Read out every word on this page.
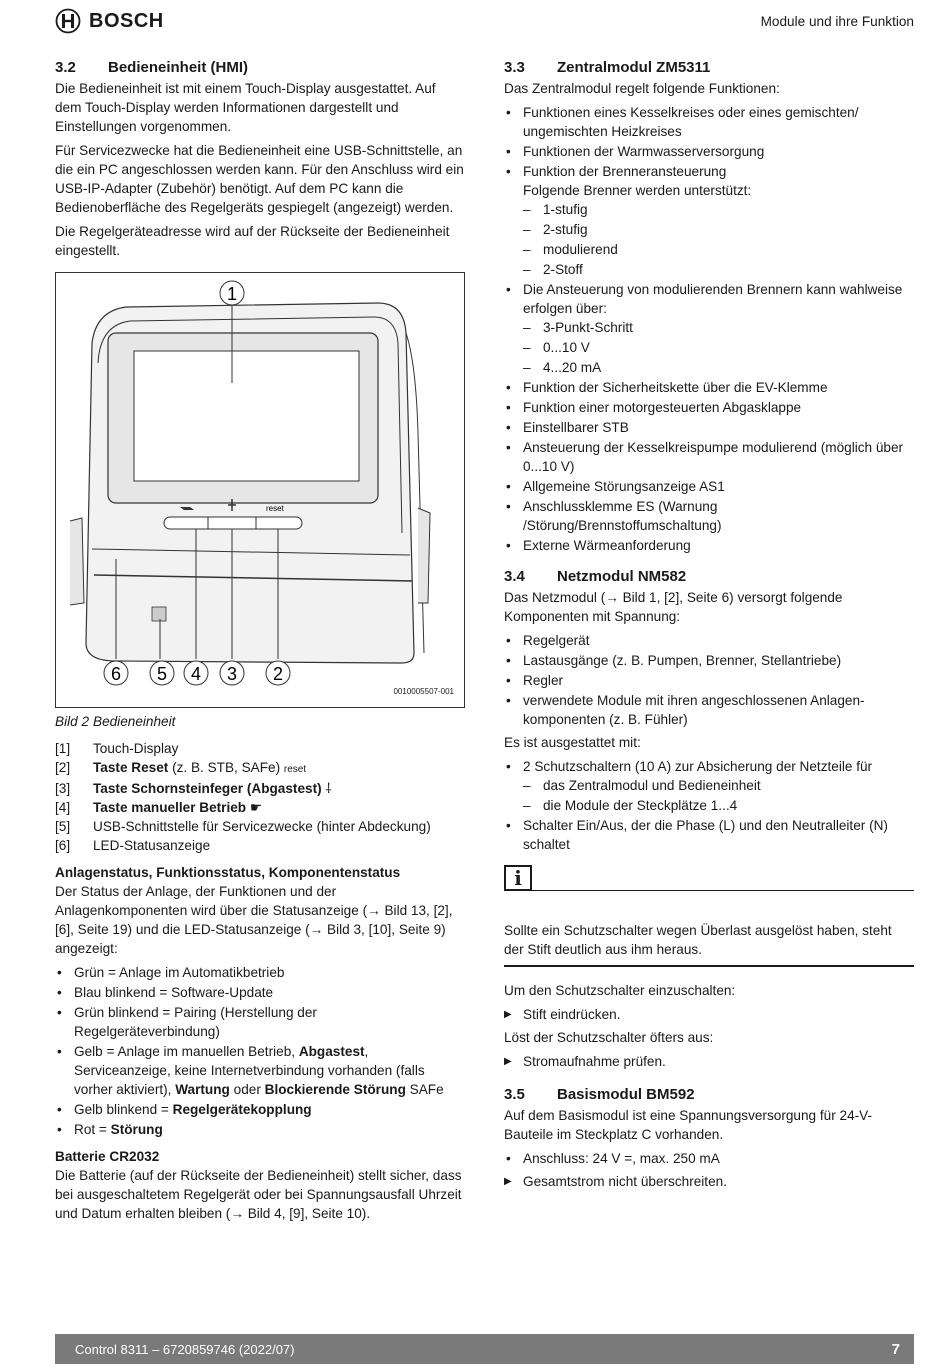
BOSCH	Module und ihre Funktion
3.2	Bedieneinheit (HMI)

Die Bedieneinheit ist mit einem Touch-Display ausgestattet. Auf dem Touch-Display werden Informationen dargestellt und Einstellungen vorgenommen.

Für Servicezwecke hat die Bedieneinheit eine USB-Schnittstelle, an die ein PC angeschlossen werden kann. Für den Anschluss wird ein USB-IP-Adapter (Zubehör) benötigt. Auf dem PC kann die Bedienoberfläche des Regelgeräts gespiegelt (angezeigt) werden.

Die Regelgeräteadresse wird auf der Rückseite der Bedieneinheit eingestellt.

reset
1
6 5 4 3 2
0010005507-001
Bild 2 Bedieneinheit
[1]	Touch-Display
[2]	Taste Reset (z. B. STB, SAFe) reset
[3]	Taste Schornsteinfeger (Abgastest) ⸸
[4]	Taste manueller Betrieb ☛
[5]	USB-Schnittstelle für Servicezwecke (hinter Abdeckung)
[6]	LED-Statusanzeige
Anlagenstatus, Funktionsstatus, Komponentenstatus

Der Status der Anlage, der Funktionen und der Anlagenkomponenten wird über die Statusanzeige (→ Bild 13, [2], [6], Seite 19) und die LED-Statusanzeige (→ Bild 3, [10], Seite 9) angezeigt:

• Grün = Anlage im Automatikbetrieb
• Blau blinkend = Software-Update
• Grün blinkend = Pairing (Herstellung der Regelgeräteverbindung)
• Gelb = Anlage im manuellen Betrieb, Abgastest, Serviceanzeige, keine Internetverbindung vorhanden (falls vorher aktiviert), Wartung oder Blockierende Störung SAFe
• Gelb blinkend = Regelgerätekopplung
• Rot = Störung
Batterie CR2032

Die Batterie (auf der Rückseite der Bedieneinheit) stellt sicher, dass bei ausgeschaltetem Regelgerät oder bei Spannungsausfall Uhrzeit und Datum erhalten bleiben (→ Bild 4, [9], Seite 10).

3.3	Zentralmodul ZM5311

Das Zentralmodul regelt folgende Funktionen:

• Funktionen eines Kesselkreises oder eines gemischten/ ungemischten Heizkreises
• Funktionen der Warmwasserversorgung
• Funktion der Brenneransteuerung
Folgende Brenner werden unterstützt:
– 1-stufig
– 2-stufig
– modulierend
– 2-Stoff
• Die Ansteuerung von modulierenden Brennern kann wahlweise erfolgen über:
– 3-Punkt-Schritt
– 0...10 V
– 4...20 mA
• Funktion der Sicherheitskette über die EV-Klemme
• Funktion einer motorgesteuerten Abgasklappe
• Einstellbarer STB
• Ansteuerung der Kesselkreispumpe modulierend (möglich über 0...10 V)
• Allgemeine Störungsanzeige AS1
• Anschlussklemme ES (Warnung /Störung/Brennstoffumschaltung)
• Externe Wärmeanforderung
3.4	Netzmodul NM582

Das Netzmodul (→ Bild 1, [2], Seite 6) versorgt folgende Komponenten mit Spannung:

• Regelgerät
• Lastausgänge (z. B. Pumpen, Brenner, Stellantriebe)
• Regler
• verwendete Module mit ihren angeschlossenen Anlagen-komponenten (z. B. Fühler)

Es ist ausgestattet mit:

• 2 Schutzschaltern (10 A) zur Absicherung der Netzteile für
– das Zentralmodul und Bedieneinheit
– die Module der Steckplätze 1...4
• Schalter Ein/Aus, der die Phase (L) und den Neutralleiter (N) schaltet
i

Sollte ein Schutzschalter wegen Überlast ausgelöst haben, steht der Stift deutlich aus ihm heraus.

Um den Schutzschalter einzuschalten:

▶ Stift eindrücken.

Löst der Schutzschalter öfters aus:

▶ Stromaufnahme prüfen.
3.5	Basismodul BM592

Auf dem Basismodul ist eine Spannungsversorgung für 24-V-Bauteile im Steckplatz C vorhanden.

• Anschluss: 24 V =, max. 250 mA
▶ Gesamtstrom nicht überschreiten.
Control 8311 – 6720859746 (2022/07)	7
